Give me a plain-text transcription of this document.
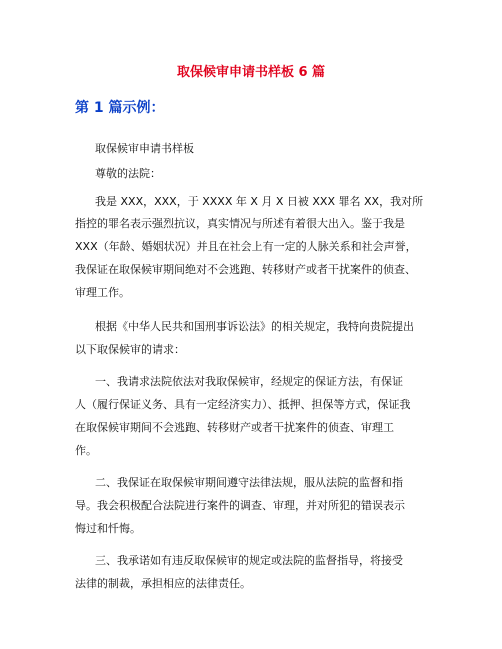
取保候审申请书样板 6 篇
第 1 篇示例：
取保候审申请书样板
尊敬的法院：
我是 XXX，XXX，于 XXXX 年 X 月 X 日被 XXX 罪名 XX，我对所
指控的罪名表示强烈抗议，真实情况与所述有着很大出入。鉴于我是
XXX（年龄、婚姻状况）并且在社会上有一定的人脉关系和社会声誉，
我保证在取保候审期间绝对不会逃跑、转移财产或者干扰案件的侦查、
审理工作。
根据《中华人民共和国刑事诉讼法》的相关规定，我特向贵院提出
以下取保候审的请求：
一、我请求法院依法对我取保候审，经规定的保证方法，有保证
人（履行保证义务、具有一定经济实力）、抵押、担保等方式，保证我
在取保候审期间不会逃跑、转移财产或者干扰案件的侦查、审理工
作。
二、我保证在取保候审期间遵守法律法规，服从法院的监督和指
导。我会积极配合法院进行案件的调查、审理，并对所犯的错误表示
悔过和忏悔。
三、我承诺如有违反取保候审的规定或法院的监督指导，将接受
法律的制裁，承担相应的法律责任。
